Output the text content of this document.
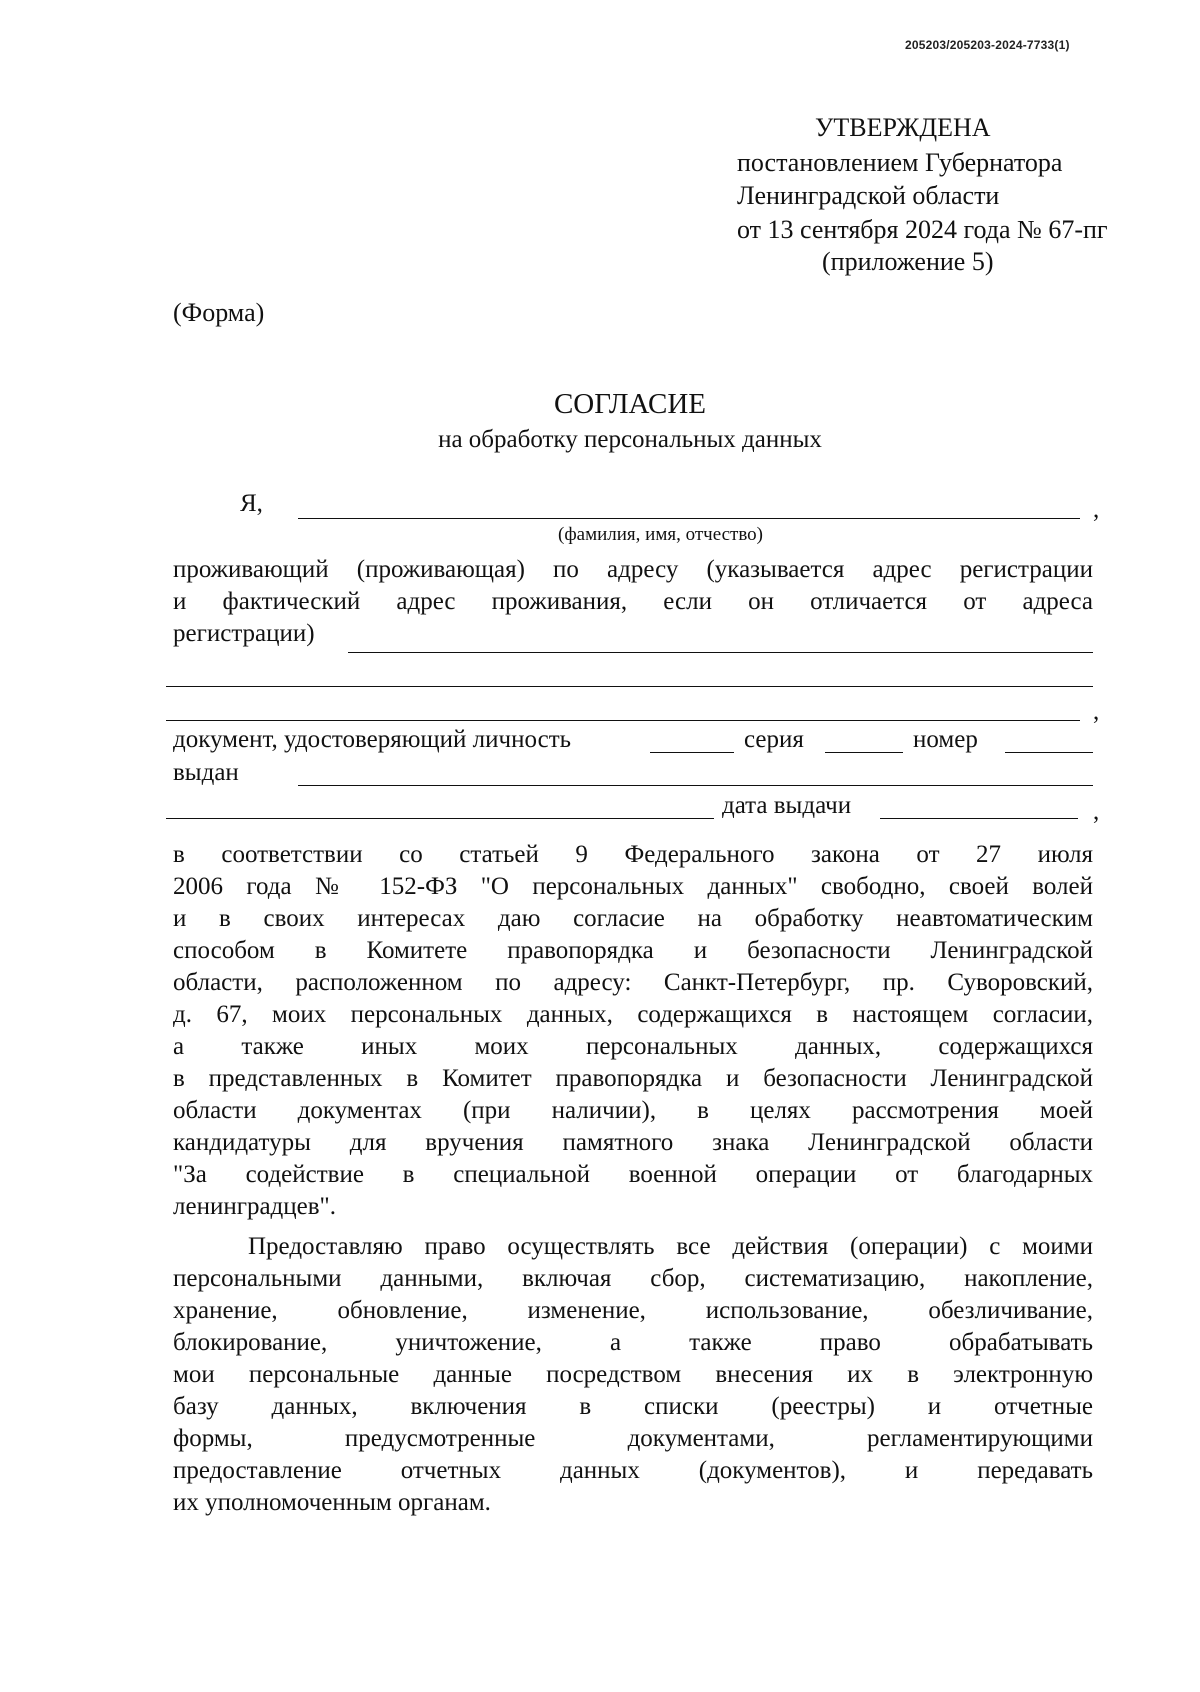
205203/205203-2024-7733(1)
УТВЕРЖДЕНА
постановлением Губернатора
Ленинградской области
от 13 сентября 2024 года № 67-пг
(приложение 5)
(Форма)
СОГЛАСИЕ
на обработку персональных данных
Я,	,
(фамилия, имя, отчество)
проживающий (проживающая) по адресу (указывается адрес регистрации
и фактический адрес проживания, если он отличается от адреса
регистрации)
,
документ, удостоверяющий личность	серия	номер
выдан
дата выдачи	,
в соответствии со статьей 9 Федерального закона от 27 июля
2006 года № 152-ФЗ "О персональных данных" свободно, своей волей
и в своих интересах даю согласие на обработку неавтоматическим
способом в Комитете правопорядка и безопасности Ленинградской
области, расположенном по адресу: Санкт-Петербург, пр. Суворовский,
д. 67, моих персональных данных, содержащихся в настоящем согласии,
а также иных моих персональных данных, содержащихся
в представленных в Комитет правопорядка и безопасности Ленинградской
области документах (при наличии), в целях рассмотрения моей
кандидатуры для вручения памятного знака Ленинградской области
"За содействие в специальной военной операции от благодарных
ленинградцев".
Предоставляю право осуществлять все действия (операции) с моими
персональными данными, включая сбор, систематизацию, накопление,
хранение, обновление, изменение, использование, обезличивание,
блокирование, уничтожение, а также право обрабатывать
мои персональные данные посредством внесения их в электронную
базу данных, включения в списки (реестры) и отчетные
формы, предусмотренные документами, регламентирующими
предоставление отчетных данных (документов), и передавать
их уполномоченным органам.
